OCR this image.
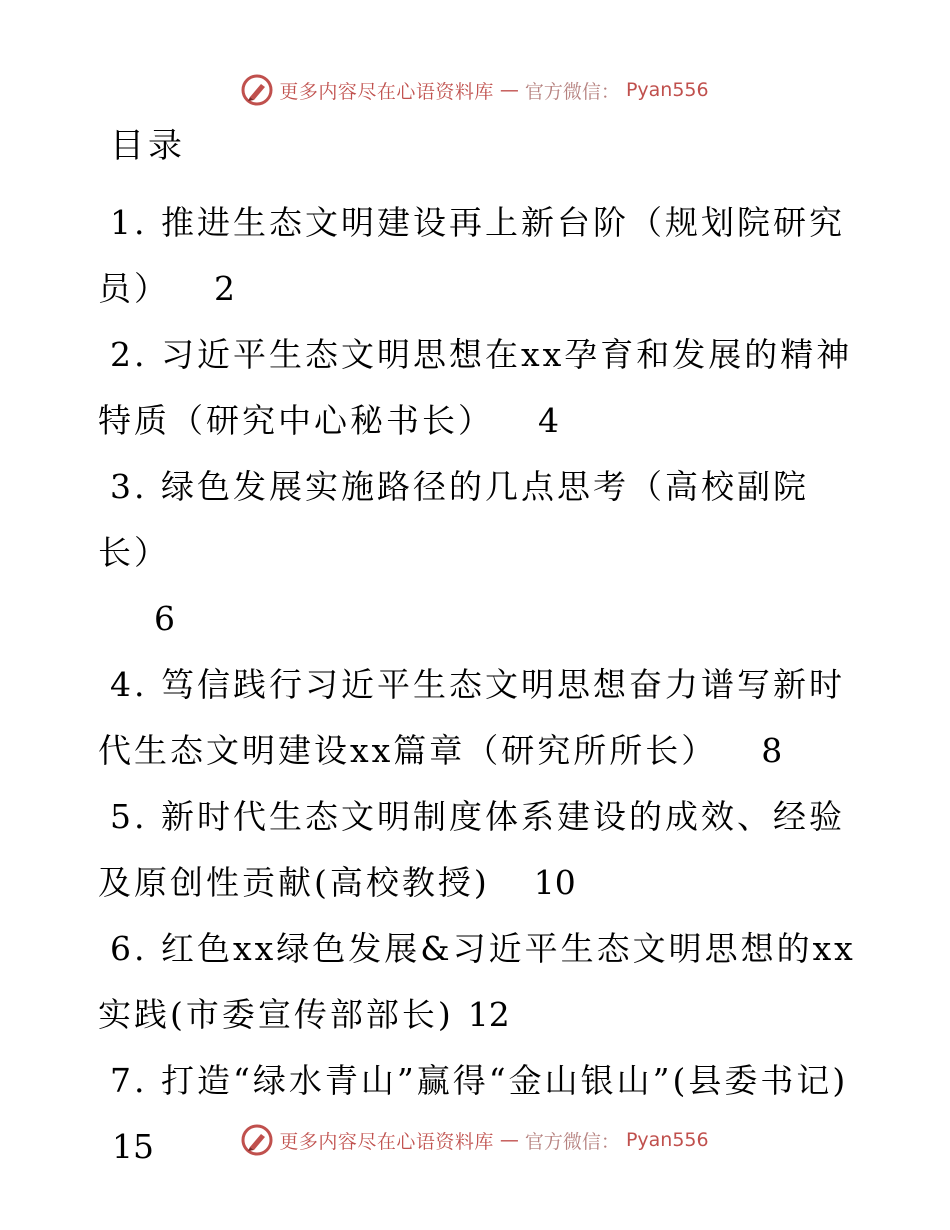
更多内容尽在心语资料库 — 官方微信： Pyan556
目录
1. 推进生态文明建设再上新台阶（规划院研究员） 2
2. 习近平生态文明思想在xx孕育和发展的精神特质（研究中心秘书长） 4
3. 绿色发展实施路径的几点思考（高校副院长）
6
4. 笃信践行习近平生态文明思想奋力谱写新时代生态文明建设xx篇章（研究所所长） 8
5. 新时代生态文明制度体系建设的成效、经验及原创性贡献(高校教授) 10
6. 红色xx绿色发展&习近平生态文明思想的xx实践(市委宣传部部长) 12
7. 打造“绿水青山”赢得“金山银山”(县委书记)15	更多内容尽在心语资料库 — 官方微信： Pyan556
